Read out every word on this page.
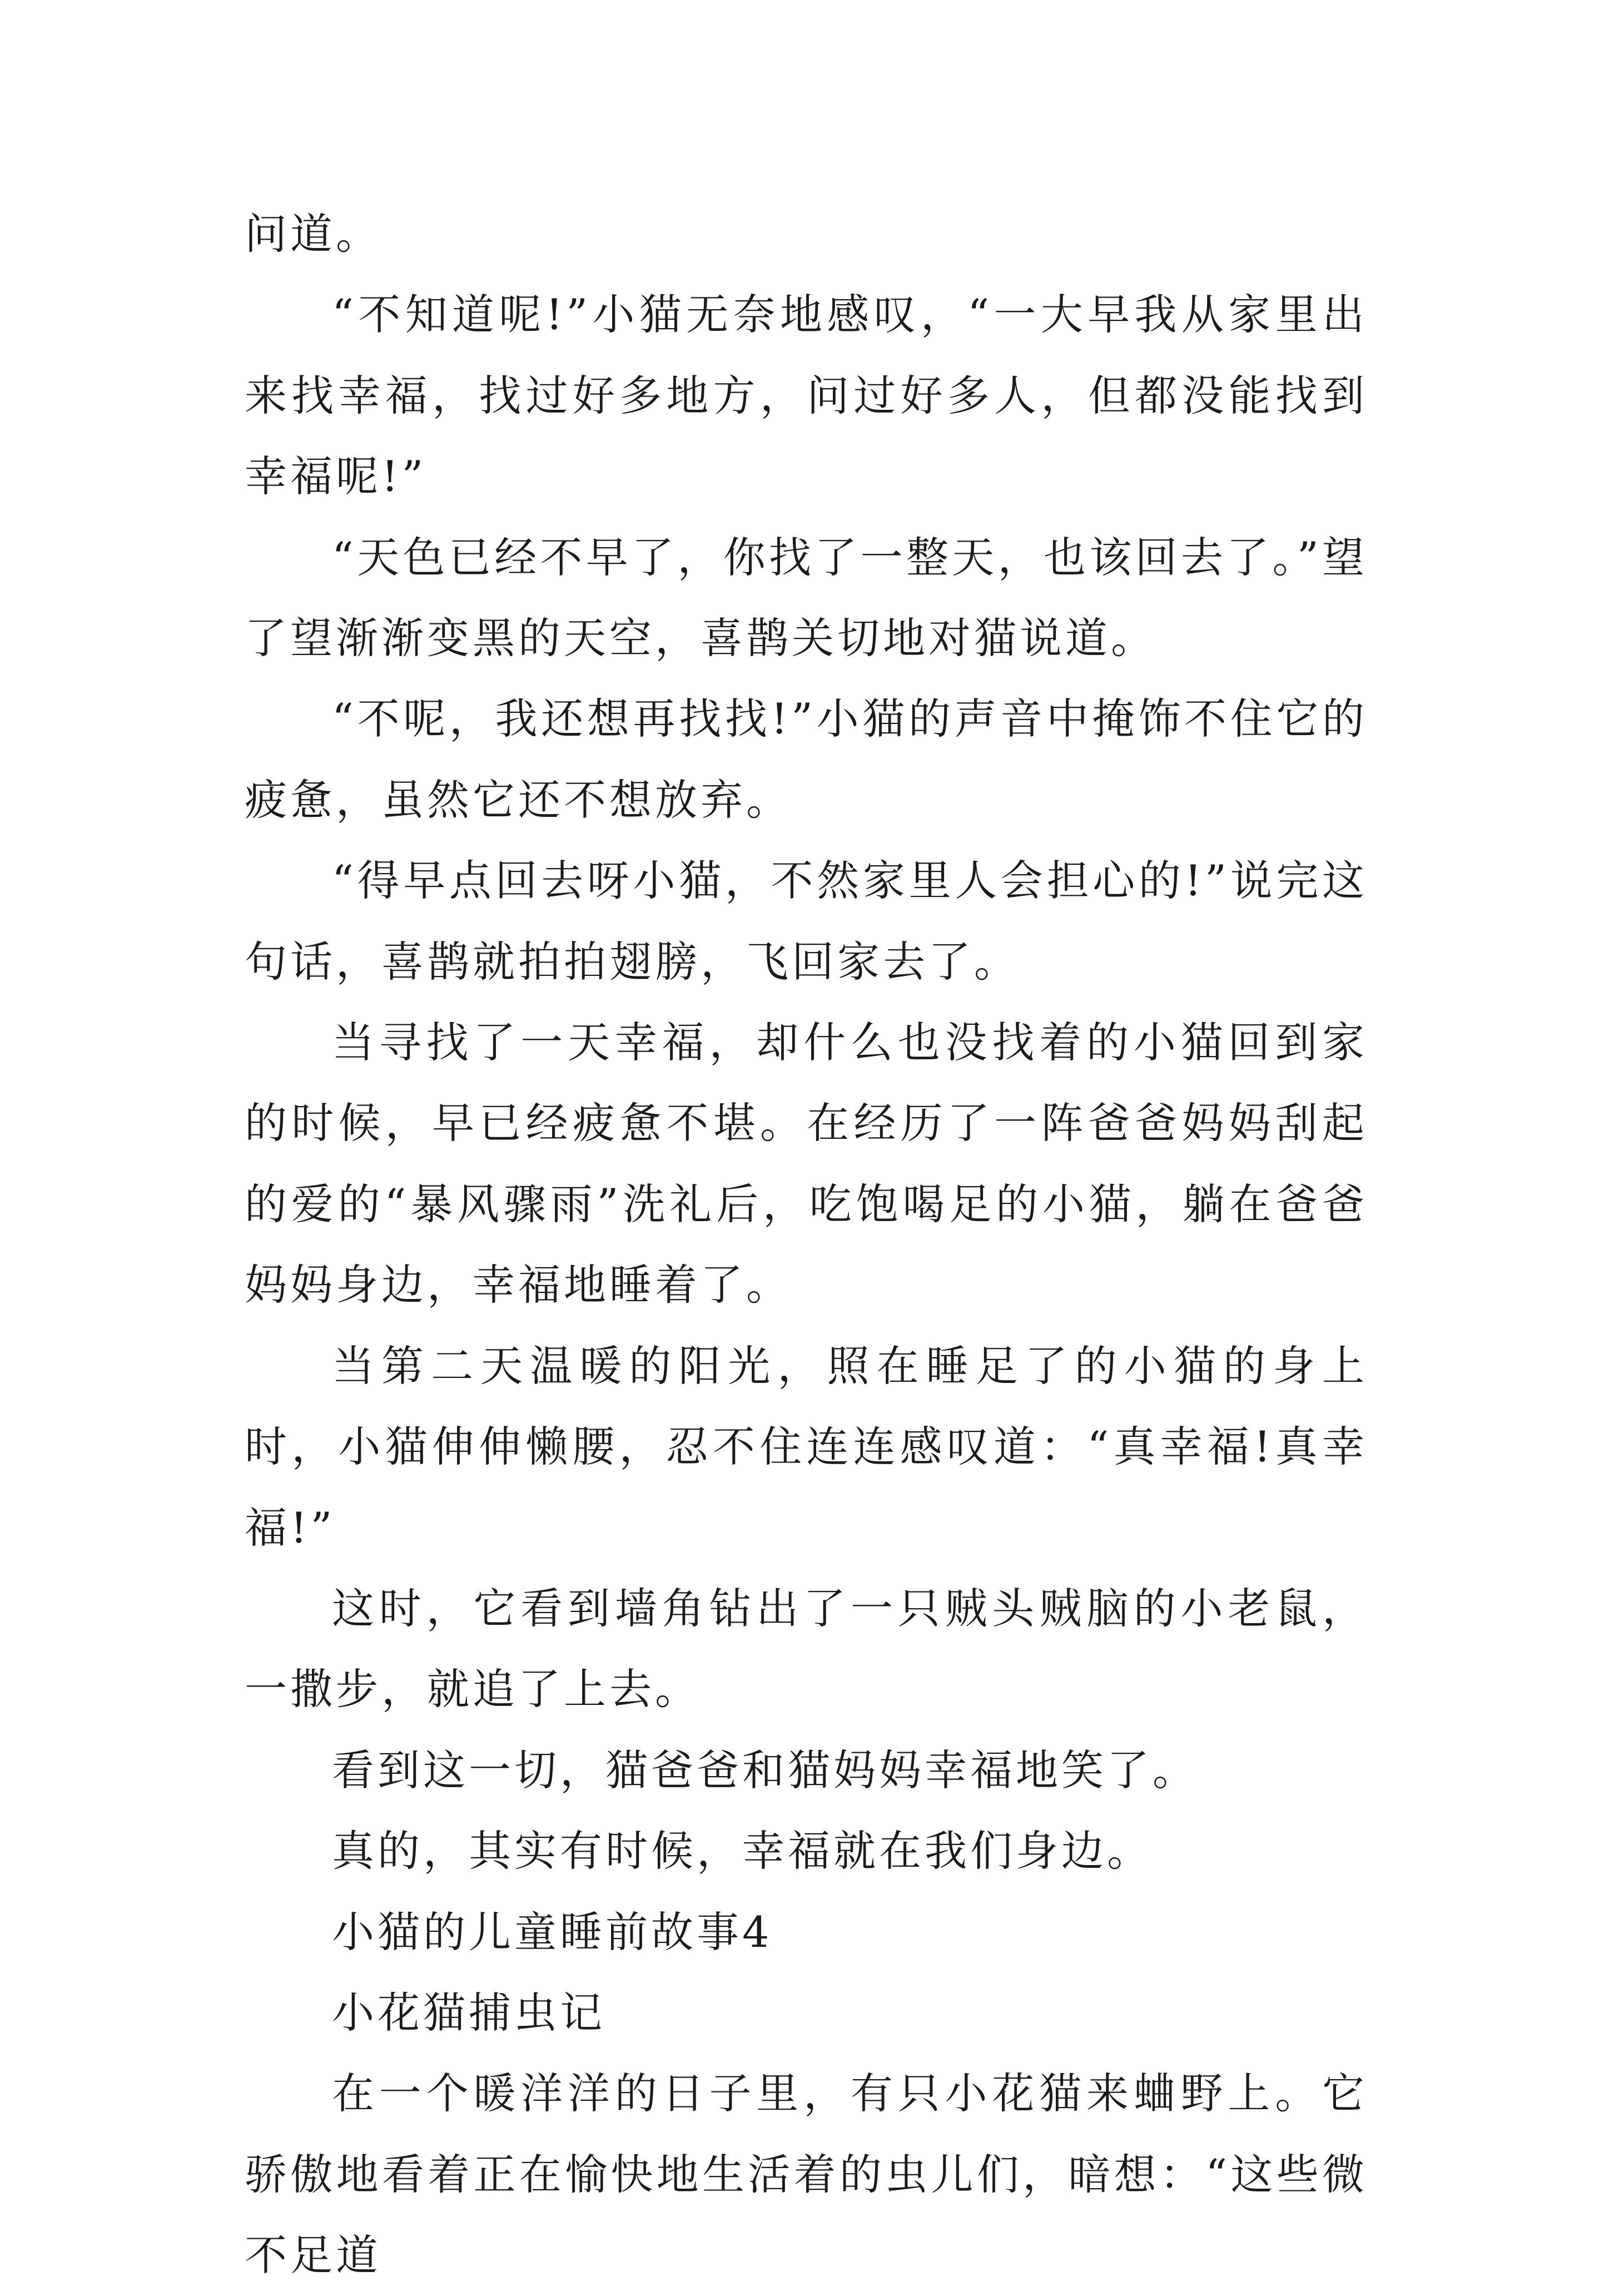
问道。

“不知道呢!”小猫无奈地感叹，“一大早我从家里出来找幸福，找过好多地方，问过好多人，但都没能找到幸福呢!”

“天色已经不早了，你找了一整天，也该回去了。”望了望渐渐变黑的天空，喜鹊关切地对猫说道。

“不呢，我还想再找找!”小猫的声音中掩饰不住它的疲惫，虽然它还不想放弃。

“得早点回去呀小猫，不然家里人会担心的!”说完这句话，喜鹊就拍拍翅膀，飞回家去了。

当寻找了一天幸福，却什么也没找着的小猫回到家的时候，早已经疲惫不堪。在经历了一阵爸爸妈妈刮起的爱的“暴风骤雨”洗礼后，吃饱喝足的小猫，躺在爸爸妈妈身边，幸福地睡着了。

当第二天温暖的阳光，照在睡足了的小猫的身上时，小猫伸伸懒腰，忍不住连连感叹道：“真幸福!真幸福!”

这时，它看到墙角钻出了一只贼头贼脑的小老鼠，一撒步，就追了上去。

看到这一切，猫爸爸和猫妈妈幸福地笑了。

真的，其实有时候，幸福就在我们身边。

小猫的儿童睡前故事4

小花猫捕虫记

在一个暖洋洋的日子里，有只小花猫来蛐野上。它骄傲地看着正在愉快地生活着的虫儿们，暗想：“这些微不足道
